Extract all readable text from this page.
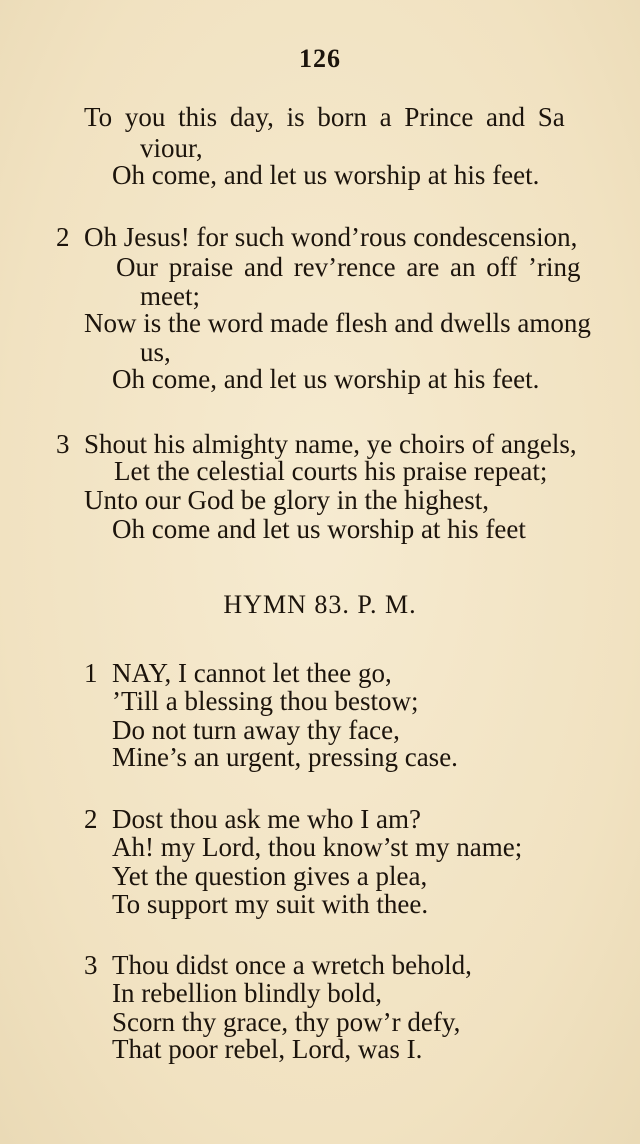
126
To you this day, is born a Prince and Sa
viour,
Oh come, and let us worship at his feet.
2 Oh Jesus! for such wond’rous condescension,
Our praise and rev’rence are an off ’ring
meet;
Now is the word made flesh and dwells among
us,
Oh come, and let us worship at his feet.
3 Shout his almighty name, ye choirs of angels,
Let the celestial courts his praise repeat;
Unto our God be glory in the highest,
Oh come and let us worship at his feet
HYMN 83. P. M.
1 NAY, I cannot let thee go,
’Till a blessing thou bestow;
Do not turn away thy face,
Mine’s an urgent, pressing case.
2 Dost thou ask me who I am?
Ah! my Lord, thou know’st my name;
Yet the question gives a plea,
To support my suit with thee.
3 Thou didst once a wretch behold,
In rebellion blindly bold,
Scorn thy grace, thy pow’r defy,
That poor rebel, Lord, was I.
